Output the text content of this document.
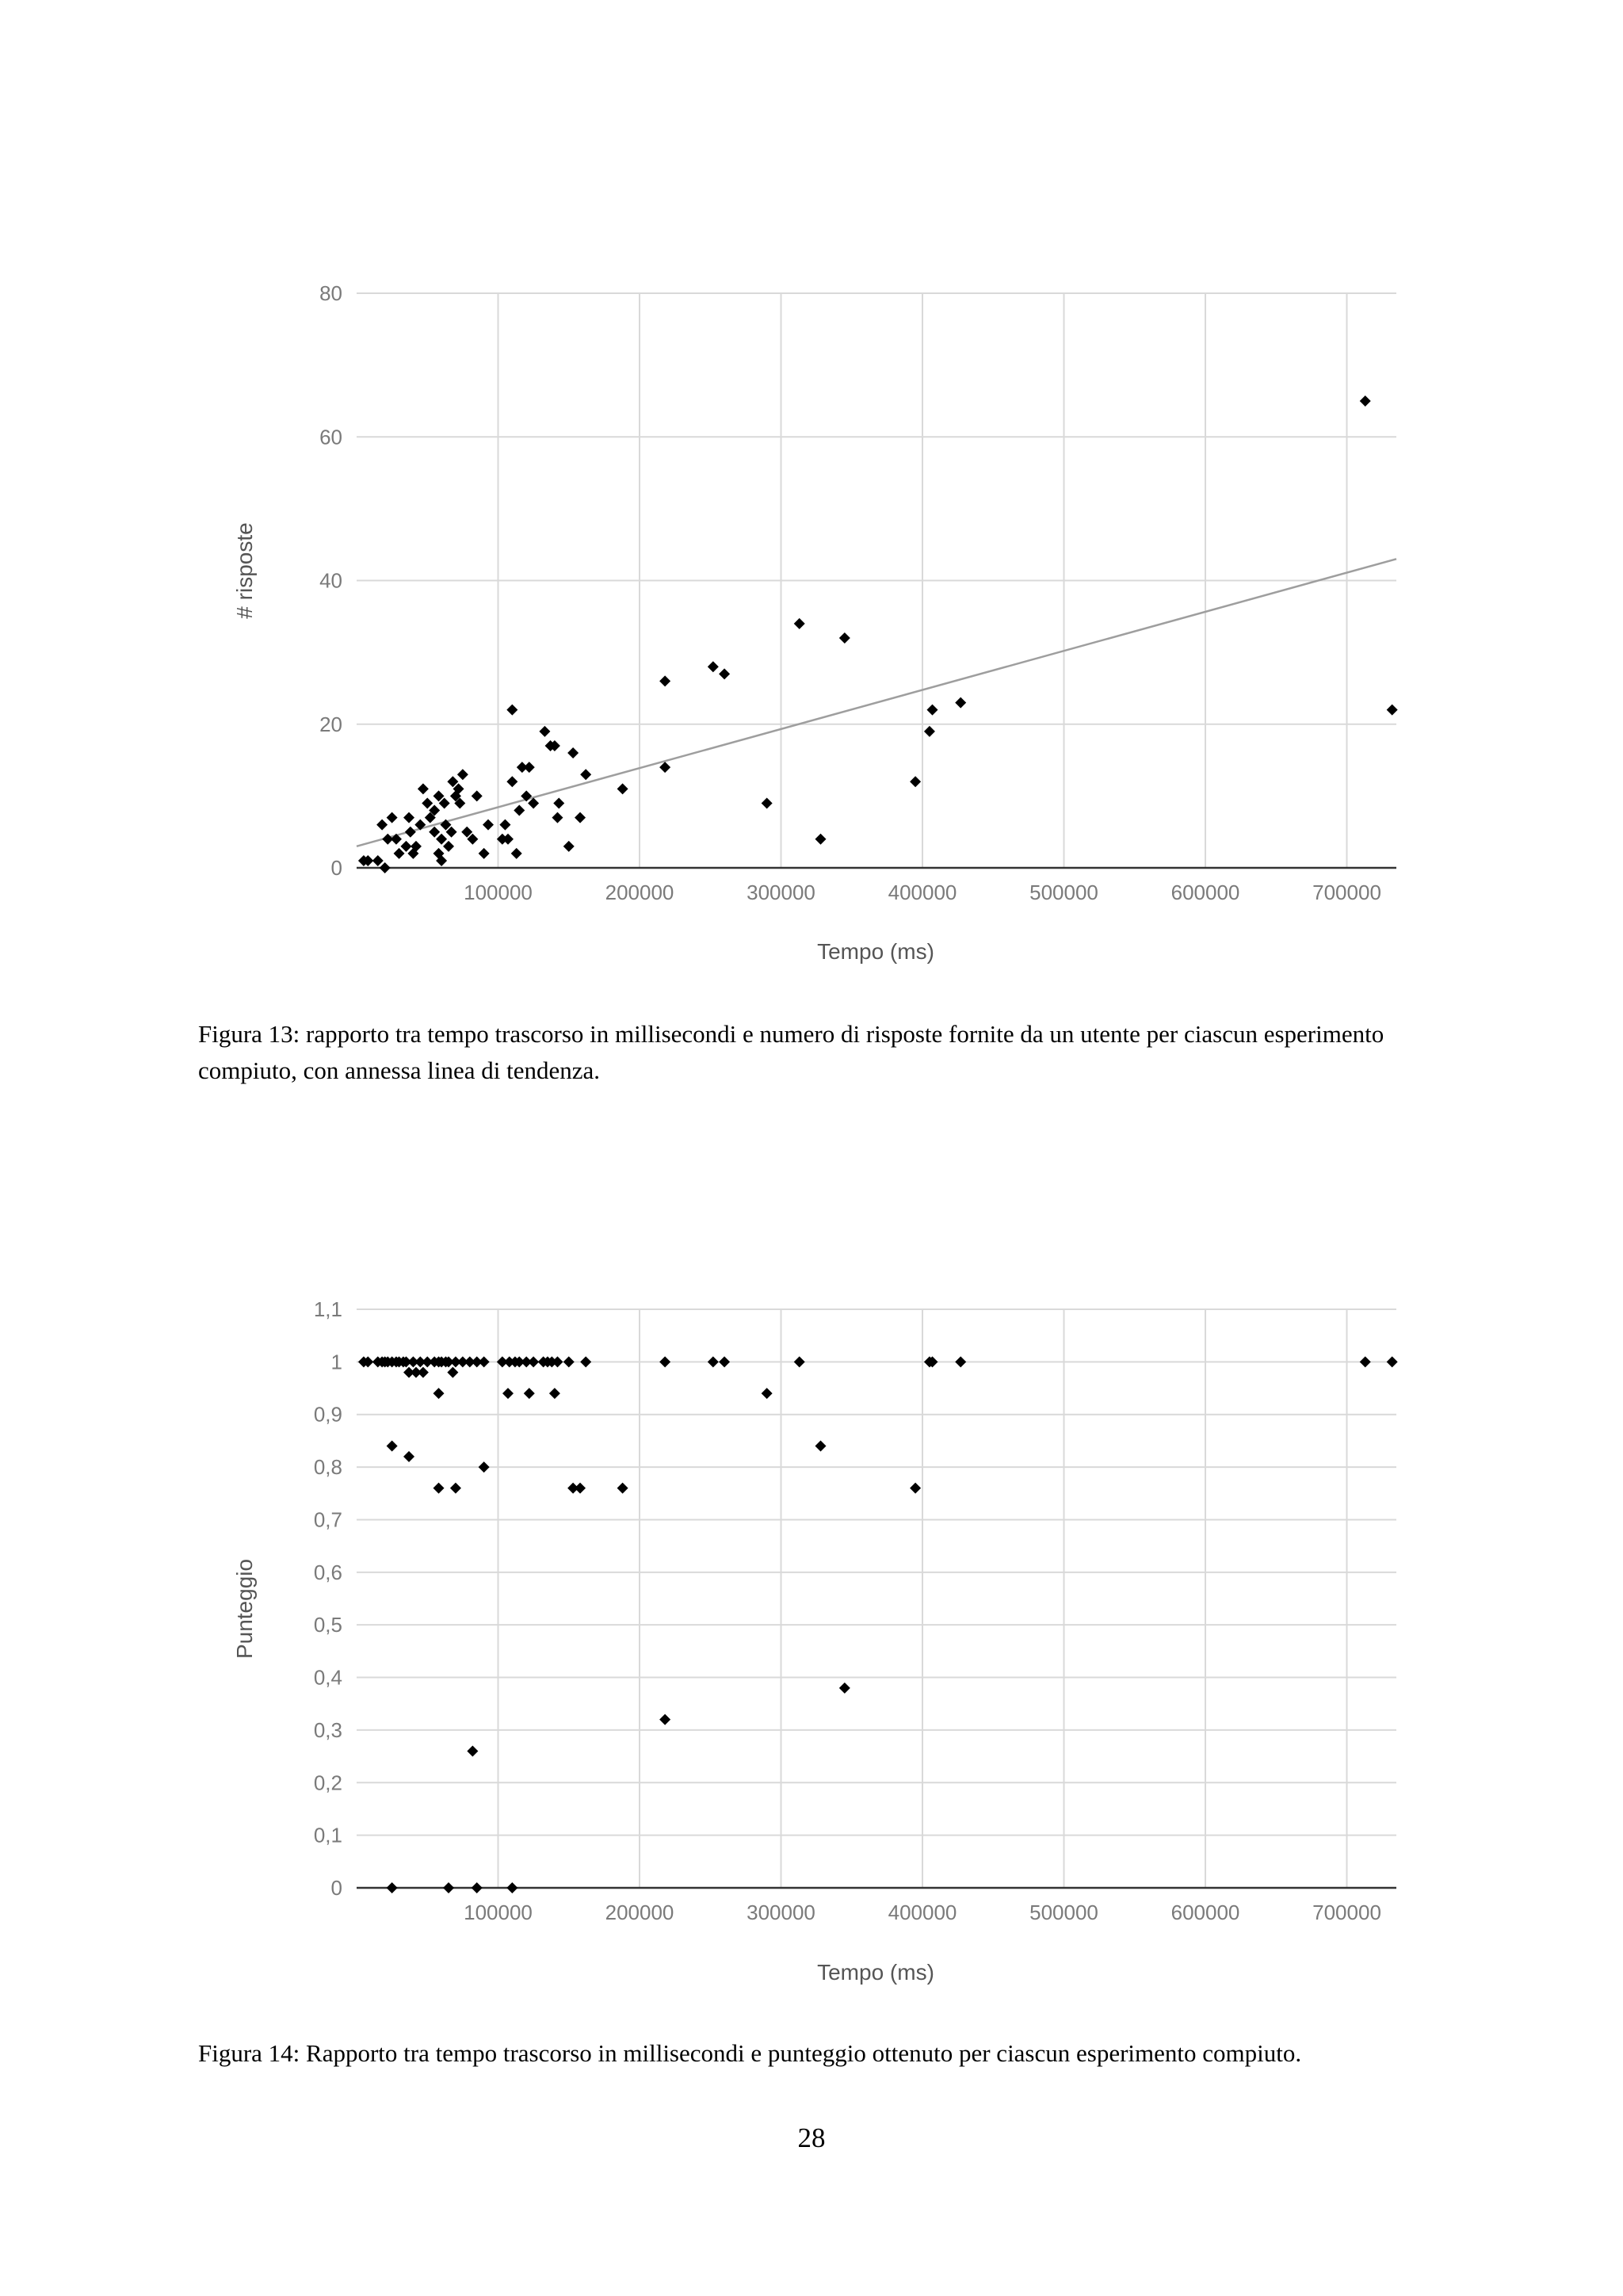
0
20
40
60
80
100000	200000	300000	400000	500000	600000	700000
# risposte
Tempo (ms)

Figura 13: rapporto tra tempo trascorso in millisecondi e numero di risposte fornite da un utente per ciascun esperimento compiuto, con annessa linea di tendenza.

0
0,1
0,2
0,3
0,4
0,5
0,6
0,7
0,8
0,9
1
1,1
100000	200000	300000	400000	500000	600000	700000
Punteggio
Tempo (ms)

Figura 14: Rapporto tra tempo trascorso in millisecondi e punteggio ottenuto per ciascun esperimento compiuto.

28
